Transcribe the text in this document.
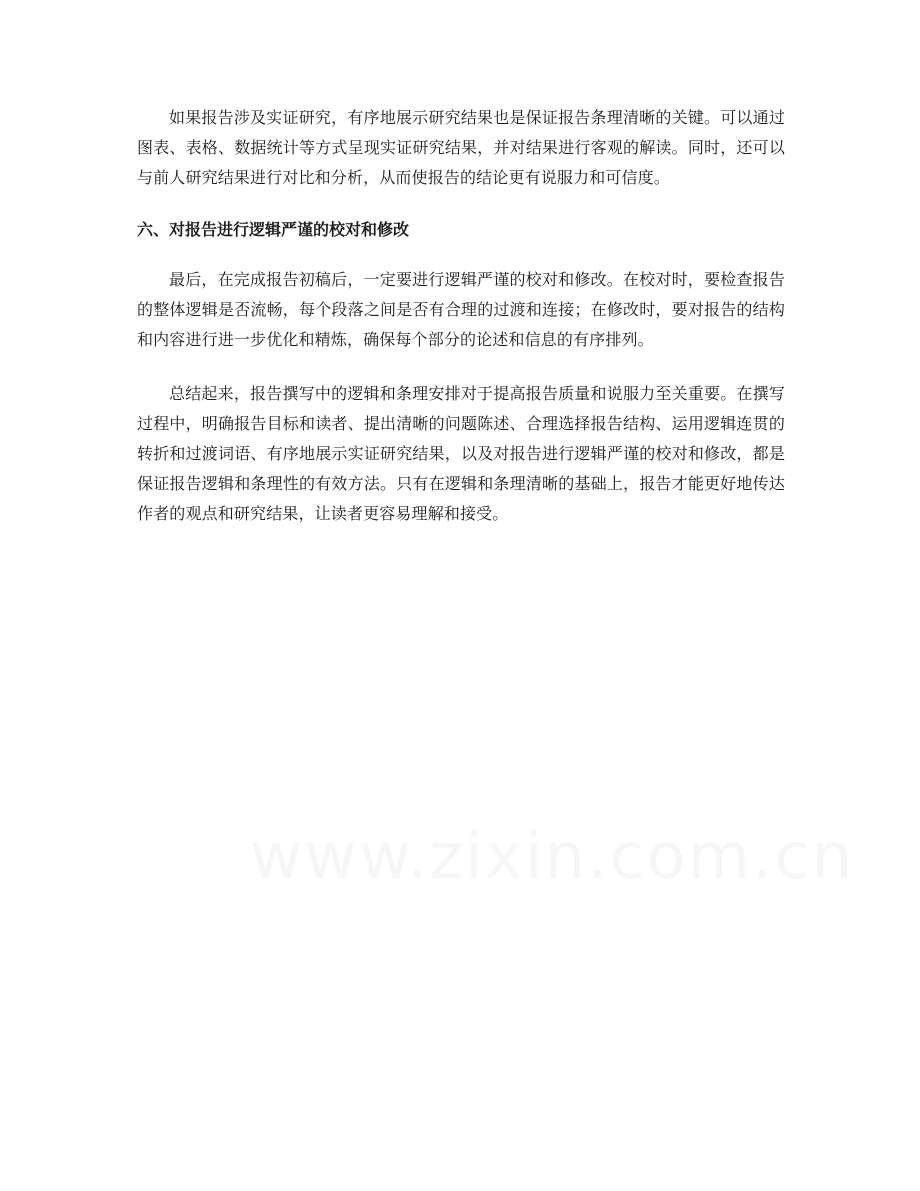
如果报告涉及实证研究，有序地展示研究结果也是保证报告条理清晰的关键。可以通过图表、表格、数据统计等方式呈现实证研究结果，并对结果进行客观的解读。同时，还可以与前人研究结果进行对比和分析，从而使报告的结论更有说服力和可信度。

六、对报告进行逻辑严谨的校对和修改

最后，在完成报告初稿后，一定要进行逻辑严谨的校对和修改。在校对时，要检查报告的整体逻辑是否流畅，每个段落之间是否有合理的过渡和连接；在修改时，要对报告的结构和内容进行进一步优化和精炼，确保每个部分的论述和信息的有序排列。

总结起来，报告撰写中的逻辑和条理安排对于提高报告质量和说服力至关重要。在撰写过程中，明确报告目标和读者、提出清晰的问题陈述、合理选择报告结构、运用逻辑连贯的转折和过渡词语、有序地展示实证研究结果，以及对报告进行逻辑严谨的校对和修改，都是保证报告逻辑和条理性的有效方法。只有在逻辑和条理清晰的基础上，报告才能更好地传达作者的观点和研究结果，让读者更容易理解和接受。
